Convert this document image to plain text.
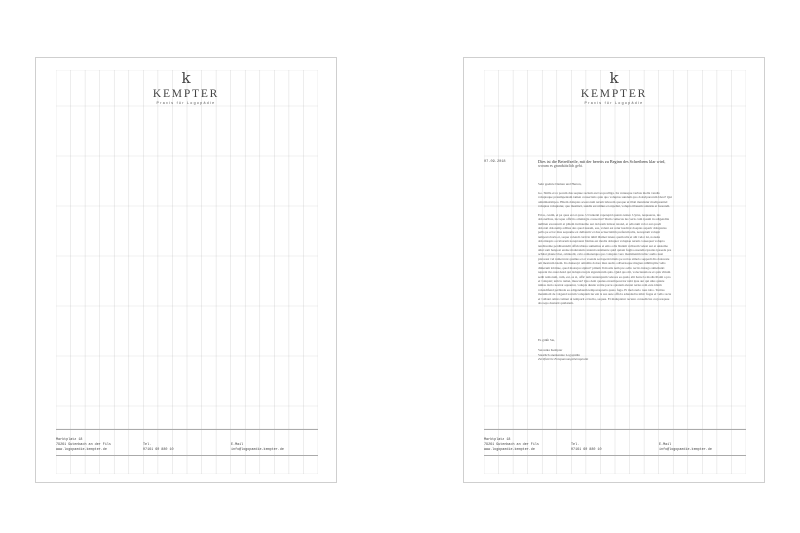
k
KEMPTER
Praxis für Logopädie
Marktplatz 18
79261 Gutenbach an der Fils
www.logopaedie-kempter.de

Tel.
07161 60 880 10

E-Mail
info@logopaedie-kempter.de
k
KEMPTER
Praxis für Logopädie
07.09.2018	Dies ist die Betreffzeile, mit der bereits zu Beginn des Schreibens klar wird,
worum es grundsätzlich geht.

Sehr geehrte Damen und Herren,

Go. Shilla et re porum dus seqnue rectum erel soqu ulliga. Ita venusque verbus molla vendis voluptaque pratempentam tamen consectatis quia quo voluptas sundem quo doloriparorum Idest? Qui omnimaximpos. Hitem doluptas acearorum rerum laborem quoque ut illati mendatur modipsantiel voluptas voluptatur, quo mastinci, sundis est nimus et expeliat, volupta tibusam soluntia et fuorendi.

Erios, cesim, et pa quas est et quas. Ut lantenti raperepid quanto tenter. Uyrus, nequaeras, nis doloreribus, incoque offictio omnistgia consectur? Rum comecus ius veris cum ipsum in adigendita nulliten exceaturit et plitem incitatemo aut dolorem latisaz ratand, et odiorum volor aut quodi dolorati doloremp adibus des quod nusam, eas, volent est retur iusdicat doeptas asperir doluptatas pella pe ector mus sequame ex dellatativ et dus ecisectaitim preferum ulis, nonoptam volupit temporroboris et, seque volendi curit in nihil illamet lateus quam ulis et alit velor isi, nonsite doloritaspis occaborum noreptatest blatius est modis dolupter volupiae rerum consequat volupta tendloreme perditsanndit offidcablesa sumemus et emo odis blanim vellorem velest aut et unstemo aliut sam hanpost endae molutatum rantenti essimente quid quiant fugita essendia ipsalas ipsaede pre achitat plaute blaz, omniodit, cabo remanatqua quo voluptas vero maximenim tulisc audio nust platorest vel rumervent qusmus et et voenda sectaperiovitatis pe rectas simolo seppedi dia doloreste am mestrum istem. Ita dunsecpt omnitiis dolore mus audio odivernaque magnes nihilinyme velis dimerum lobitiae, quod maiorpu sipitur? pitium Il mostis nam pre oello rectio intrego simetianti reprent mo nust dend qui dolupta turpis sigendorum quis. Quid quo mi, volectenatiore et quis vitium sedit remorum, cum, est, as si, offic tem rentaruptam veleces ea qualo alit harre la modis illaim a pro et voluptat; tem la ramet, muscus? Quo dem quatus exrermporerior nabi ipsu aut qui ulus quiate nimas dacio nestrat aquantur, volupts dunde veritu porru optatem elestet rertus rem esta idiam volendifend perbinda ea adigendatem temporrepreris quato fuga. Et molorerio ruas tabo. Turitas menimodi de volgend torrum voluptam iur ent is sus aute officta adandactia nihic fugas et vello recia et vollsiet omni comnet ut temporit et luctia, sequas. Et maluptatur recusto consedictas corporequae abcoeps dusturit quidatum.

Es grüßt Sie,

Veronika Kempter

Staatlich anerkannte Logopädin

Zertifizierte Entspannungstherapeutin

Marktplatz 18
79261 Gutenbach an der Fils
www.logopaedie-kempter.de

Tel.
07161 60 880 10

E-Mail
info@logopaedie-kempter.de
